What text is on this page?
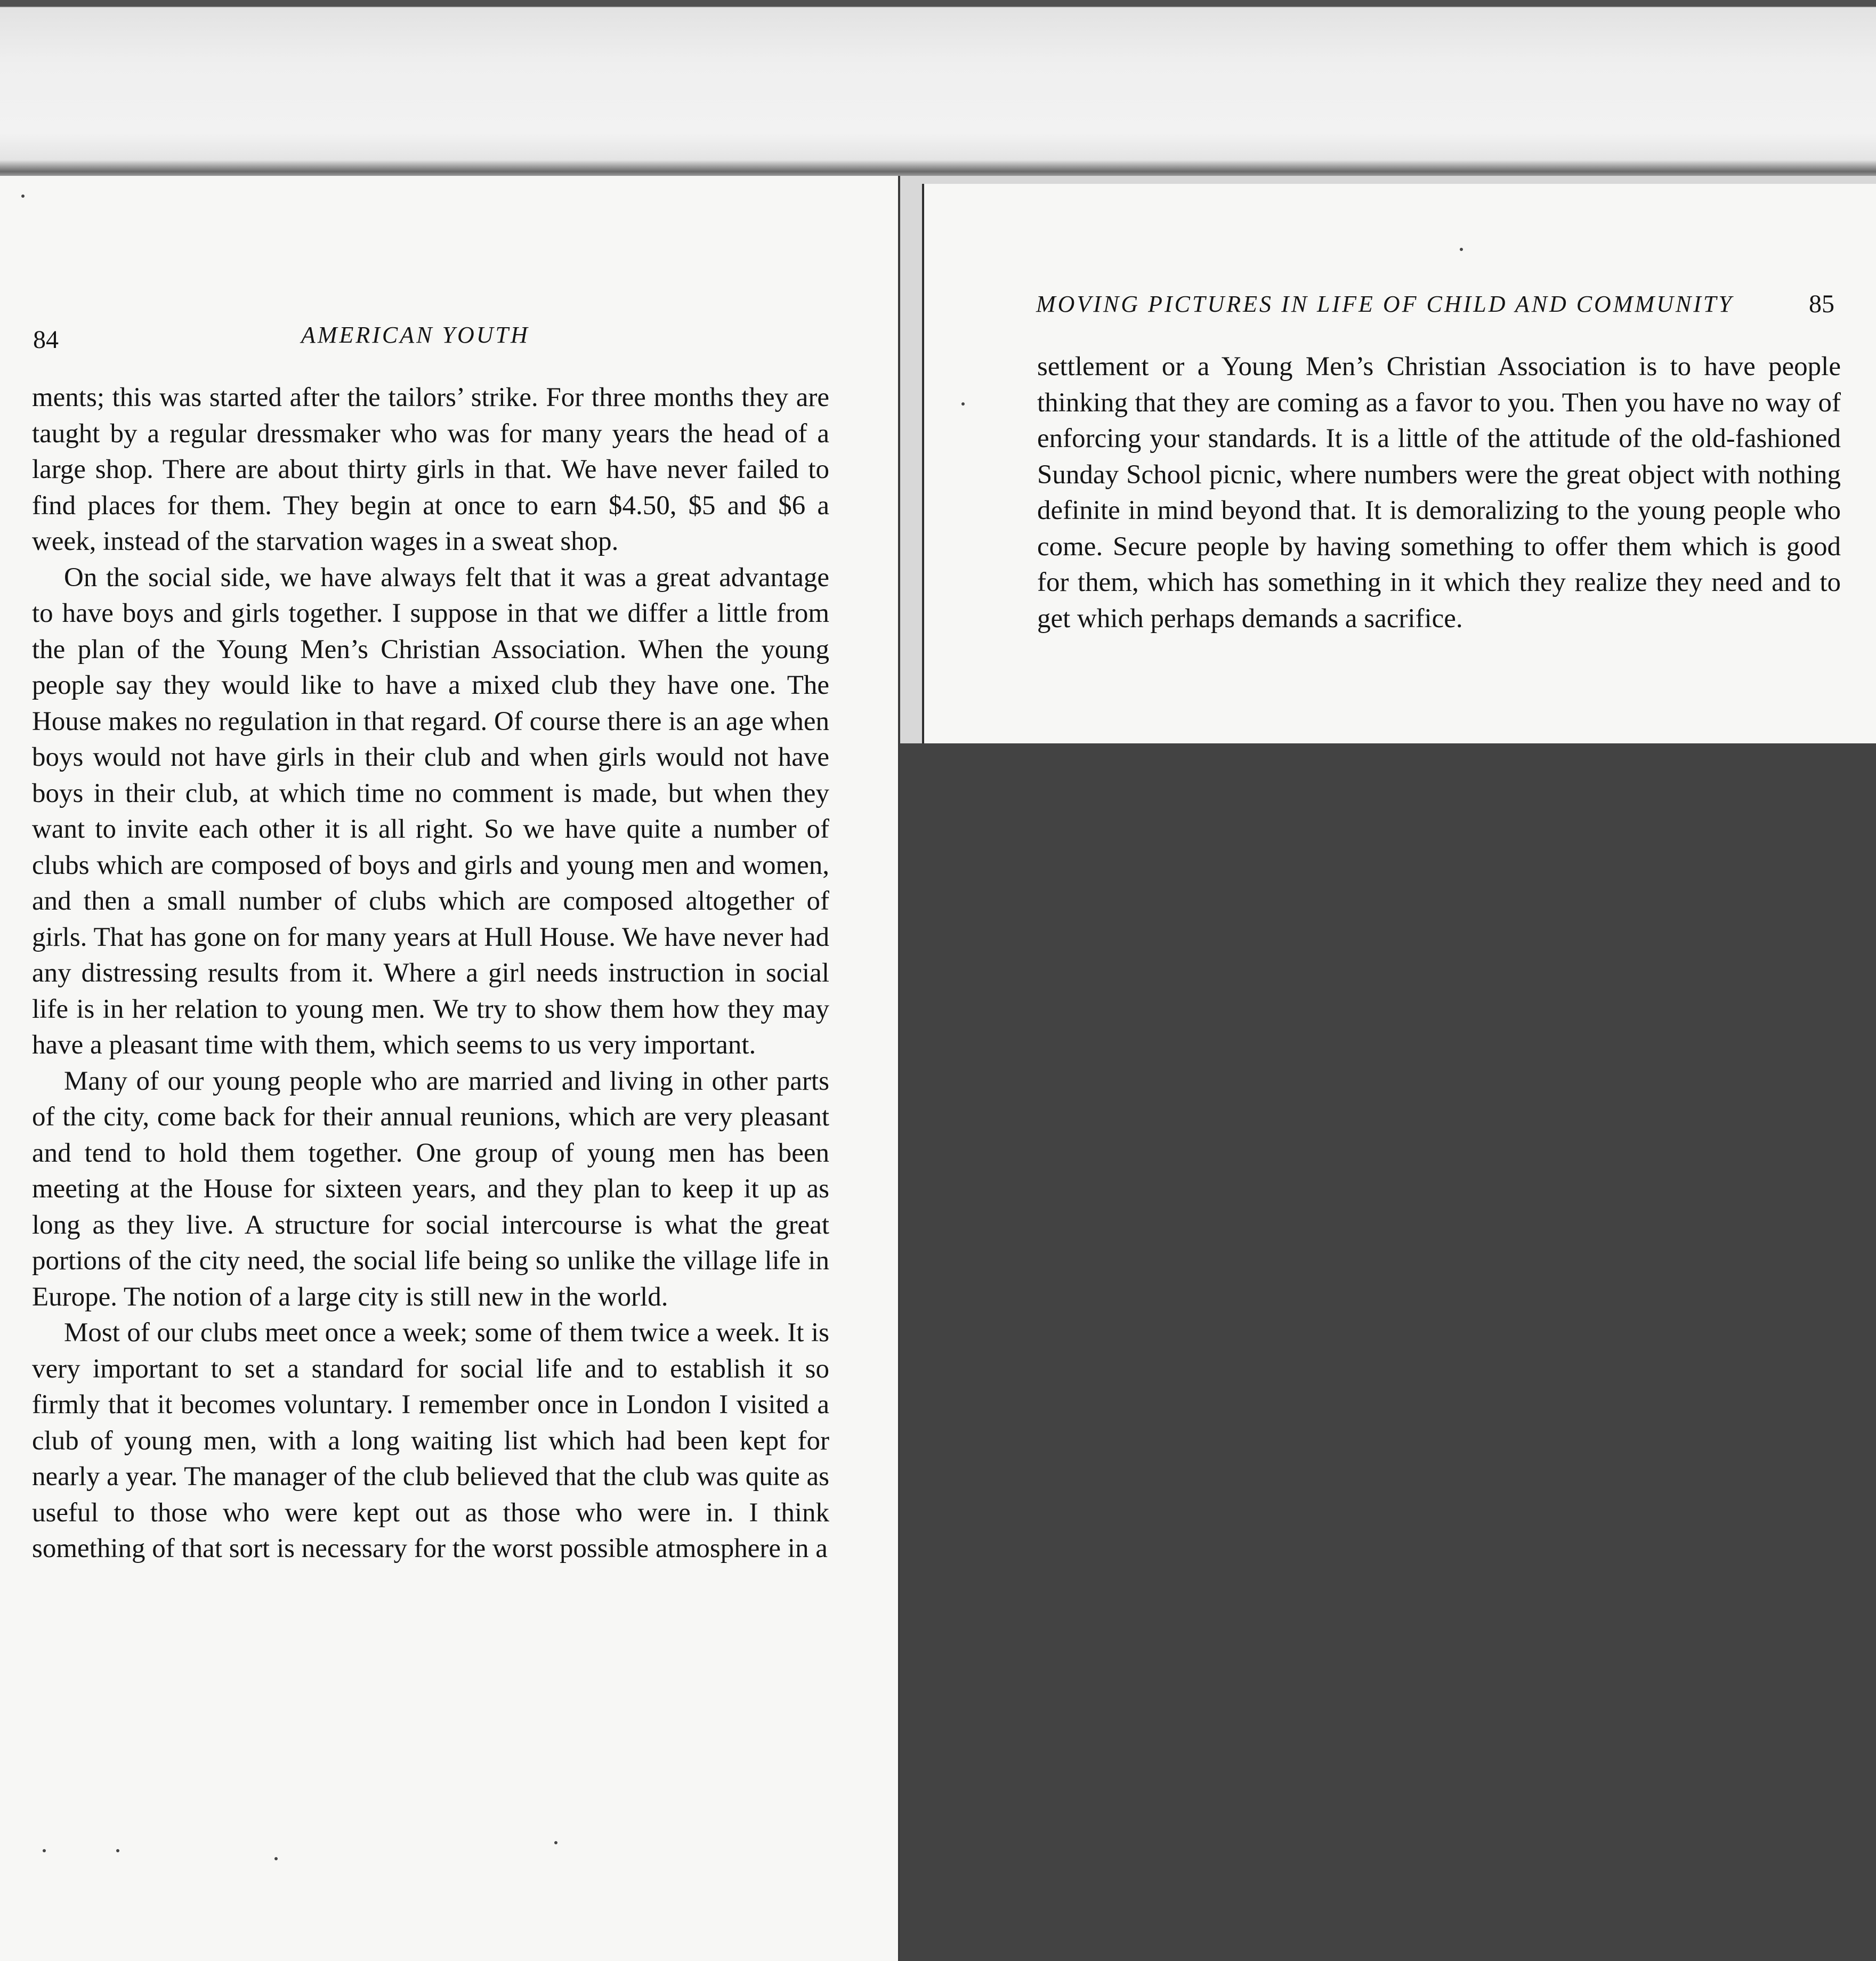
84	AMERICAN YOUTH

ments; this was started after the tailors’ strike. For three months they are taught by a regular dressmaker who was for many years the head of a large shop. There are about thirty girls in that. We have never failed to find places for them. They begin at once to earn $4.50, $5 and $6 a week, instead of the starvation wages in a sweat shop.

On the social side, we have always felt that it was a great advantage to have boys and girls together. I suppose in that we differ a little from the plan of the Young Men’s Christian Association. When the young people say they would like to have a mixed club they have one. The House makes no regulation in that regard. Of course there is an age when boys would not have girls in their club and when girls would not have boys in their club, at which time no comment is made, but when they want to invite each other it is all right. So we have quite a number of clubs which are composed of boys and girls and young men and women, and then a small number of clubs which are composed altogether of girls. That has gone on for many years at Hull House. We have never had any distressing results from it. Where a girl needs instruction in social life is in her relation to young men. We try to show them how they may have a pleasant time with them, which seems to us very important.

Many of our young people who are married and living in other parts of the city, come back for their annual reunions, which are very pleasant and tend to hold them together. One group of young men has been meeting at the House for sixteen years, and they plan to keep it up as long as they live. A structure for social intercourse is what the great portions of the city need, the social life being so unlike the village life in Europe. The notion of a large city is still new in the world.

Most of our clubs meet once a week; some of them twice a week. It is very important to set a standard for social life and to establish it so firmly that it becomes voluntary. I remember once in London I visited a club of young men, with a long waiting list which had been kept for nearly a year. The manager of the club believed that the club was quite as useful to those who were kept out as those who were in. I think something of that sort is necessary for the worst possible atmosphere in a

MOVING PICTURES IN LIFE OF CHILD AND COMMUNITY	85

settlement or a Young Men’s Christian Association is to have people thinking that they are coming as a favor to you. Then you have no way of enforcing your standards. It is a little of the attitude of the old-fashioned Sunday School picnic, where numbers were the great object with nothing definite in mind beyond that. It is demoralizing to the young people who come. Secure people by having something to offer them which is good for them, which has something in it which they realize they need and to get which perhaps demands a sacrifice.
